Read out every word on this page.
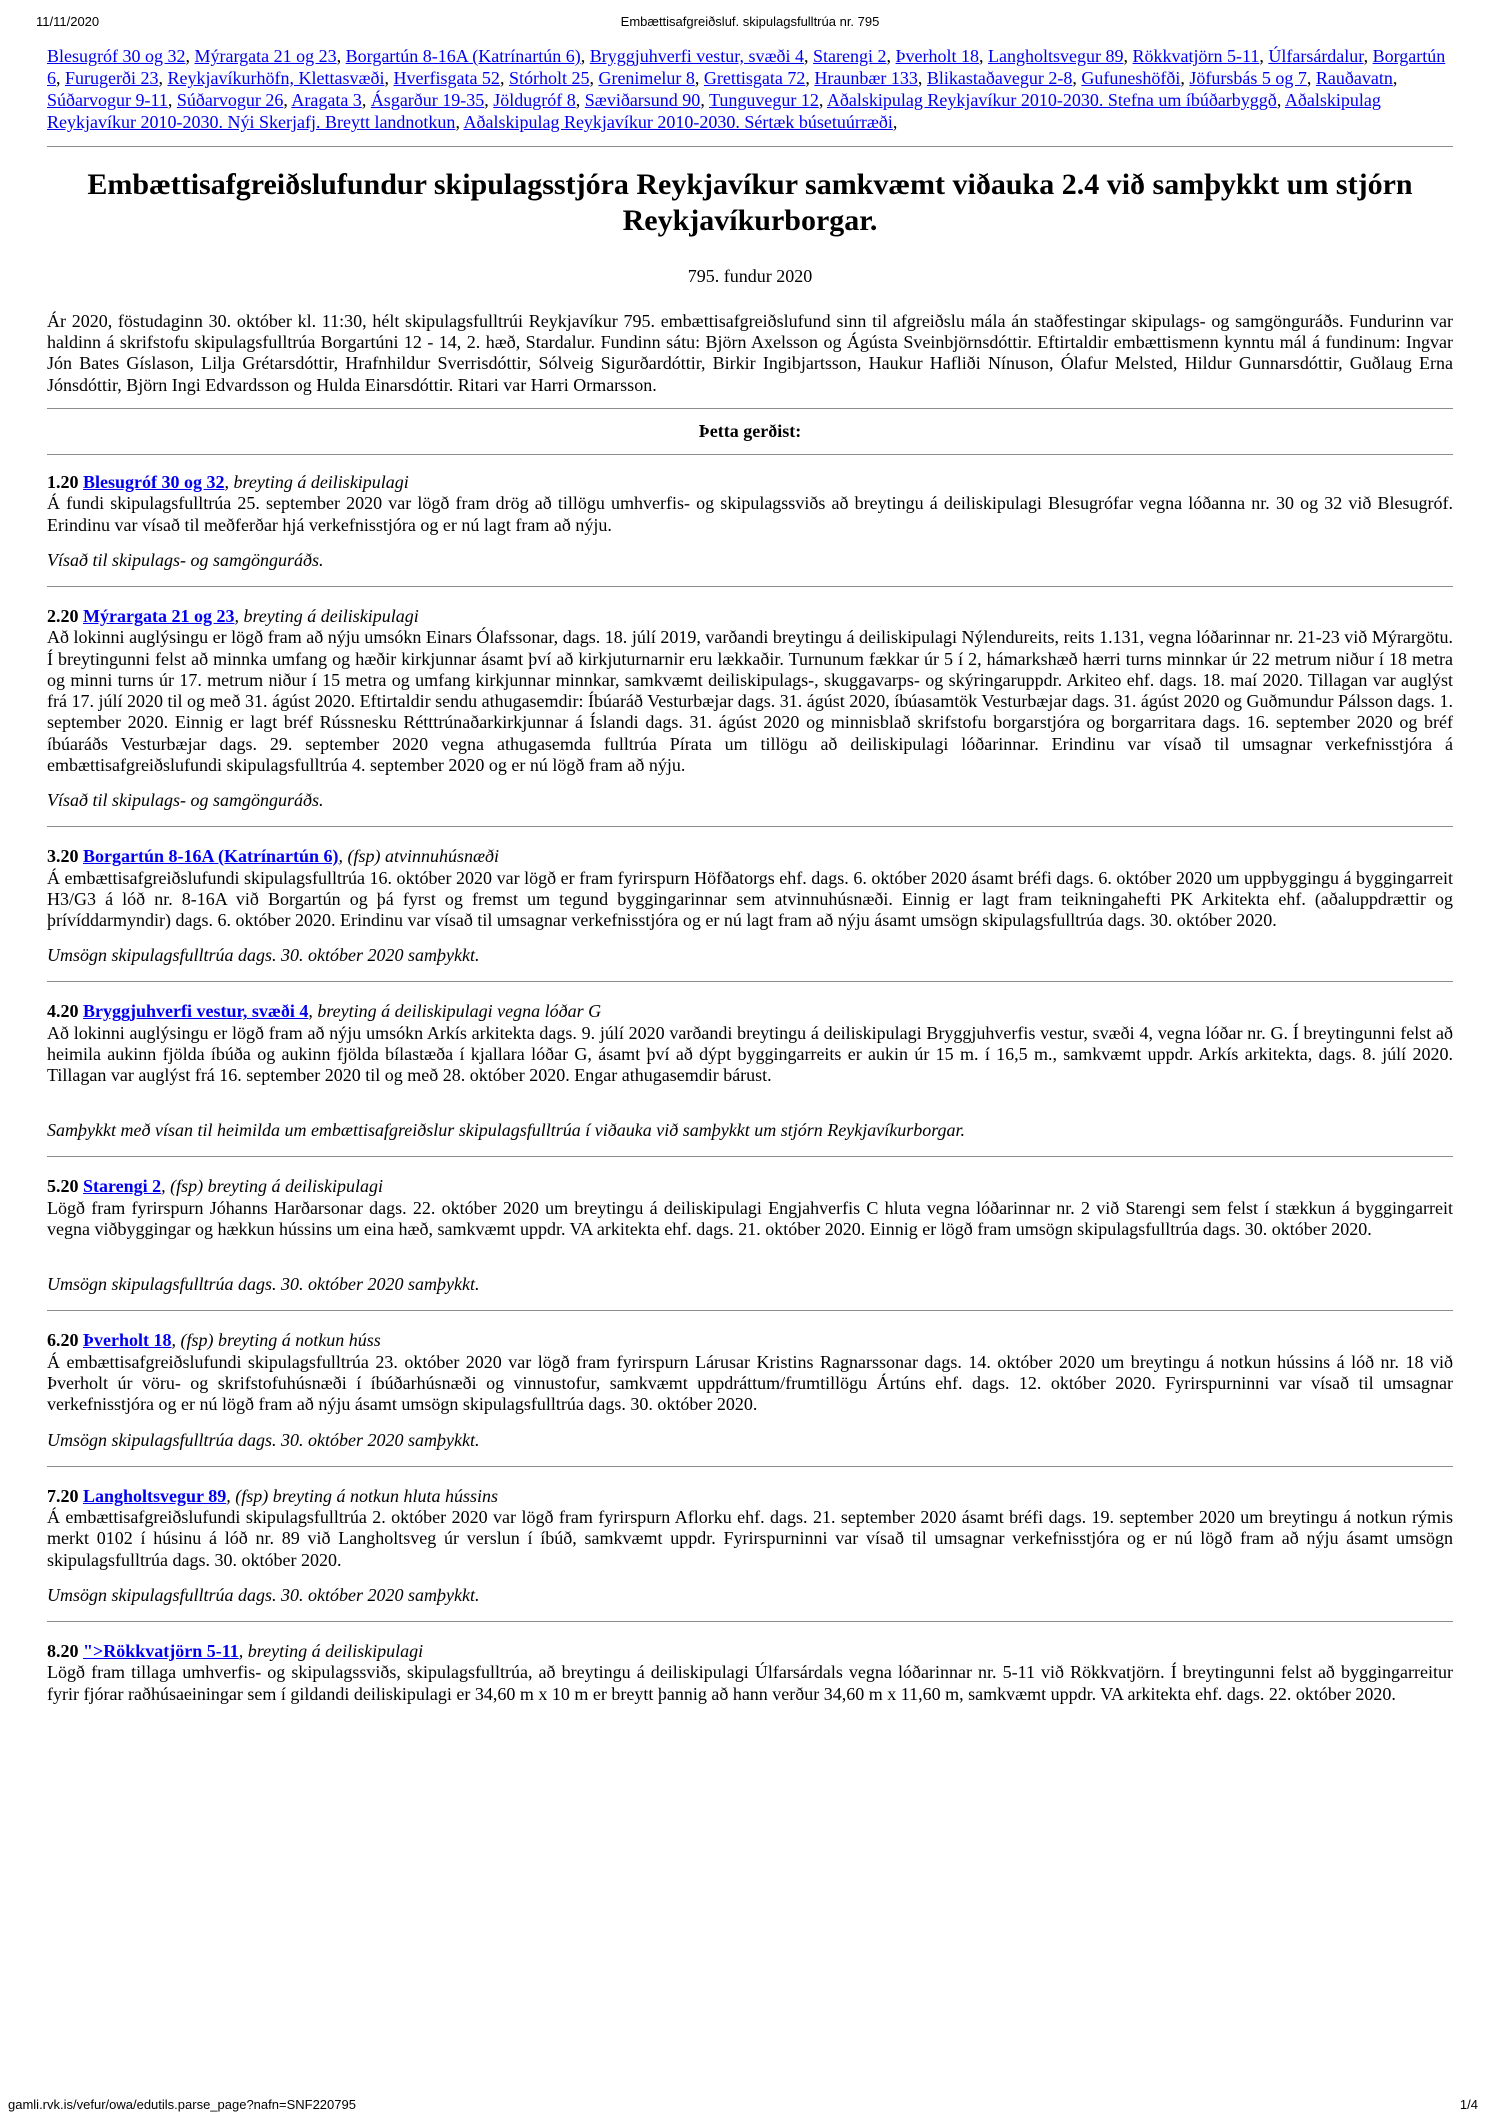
11/11/2020	Embættisafgreiðsluf. skipulagsfulltrúa nr. 795

Blesugróf 30 og 32, Mýrargata 21 og 23, Borgartún 8-16A (Katrínartún 6), Bryggjuhverfi vestur, svæði 4, Starengi 2, Þverholt 18, Langholtsvegur 89, Rökkvatjörn 5-11, Úlfarsárdalur, Borgartún 6, Furugerði 23, Reykjavíkurhöfn, Klettasvæði, Hverfisgata 52, Stórholt 25, Grenimelur 8, Grettisgata 72, Hraunbær 133, Blikastaðavegur 2-8, Gufuneshöfði, Jöfursbás 5 og 7, Rauðavatn, Súðarvogur 9-11, Súðarvogur 26, Aragata 3, Ásgarður 19-35, Jöldugróf 8, Sæviðarsund 90, Tunguvegur 12, Aðalskipulag Reykjavíkur 2010-2030. Stefna um íbúðarbyggð, Aðalskipulag Reykjavíkur 2010-2030. Nýi Skerjafj. Breytt landnotkun, Aðalskipulag Reykjavíkur 2010-2030. Sértæk búsetuúrræði,

Embættisafgreiðslufundur skipulagsstjóra Reykjavíkur samkvæmt viðauka 2.4 við samþykkt um stjórn Reykjavíkurborgar.

795. fundur 2020

Ár 2020, föstudaginn 30. október kl. 11:30, hélt skipulagsfulltrúi Reykjavíkur 795. embættisafgreiðslufund sinn til afgreiðslu mála án staðfestingar skipulags- og samgönguráðs. Fundurinn var haldinn á skrifstofu skipulagsfulltrúa Borgartúni 12 - 14, 2. hæð, Stardalur. Fundinn sátu: Björn Axelsson og Ágústa Sveinbjörnsdóttir. Eftirtaldir embættismenn kynntu mál á fundinum: Ingvar Jón Bates Gíslason, Lilja Grétarsdóttir, Hrafnhildur Sverrisdóttir, Sólveig Sigurðardóttir, Birkir Ingibjartsson, Haukur Hafliði Nínuson, Ólafur Melsted, Hildur Gunnarsdóttir, Guðlaug Erna Jónsdóttir, Björn Ingi Edvardsson og Hulda Einarsdóttir. Ritari var Harri Ormarsson.

Þetta gerðist:

1.20 Blesugróf 30 og 32, breyting á deiliskipulagi

Á fundi skipulagsfulltrúa 25. september 2020 var lögð fram drög að tillögu umhverfis- og skipulagssviðs að breytingu á deiliskipulagi Blesugrófar vegna lóðanna nr. 30 og 32 við Blesugróf. Erindinu var vísað til meðferðar hjá verkefnisstjóra og er nú lagt fram að nýju.

Vísað til skipulags- og samgönguráðs.

2.20 Mýrargata 21 og 23, breyting á deiliskipulagi

Að lokinni auglýsingu er lögð fram að nýju umsókn Einars Ólafssonar, dags. 18. júlí 2019, varðandi breytingu á deiliskipulagi Nýlendureits, reits 1.131, vegna lóðarinnar nr. 21-23 við Mýrargötu. Í breytingunni felst að minnka umfang og hæðir kirkjunnar ásamt því að kirkjuturnarnir eru lækkaðir. Turnunum fækkar úr 5 í 2, hámarkshæð hærri turns minnkar úr 22 metrum niður í 18 metra og minni turns úr 17. metrum niður í 15 metra og umfang kirkjunnar minnkar, samkvæmt deiliskipulags-, skuggavarps- og skýringaruppdr. Arkiteo ehf. dags. 18. maí 2020. Tillagan var auglýst frá 17. júlí 2020 til og með 31. ágúst 2020. Eftirtaldir sendu athugasemdir: Íbúaráð Vesturbæjar dags. 31. ágúst 2020, íbúasamtök Vesturbæjar dags. 31. ágúst 2020 og Guðmundur Pálsson dags. 1. september 2020. Einnig er lagt bréf Rússnesku Rétttrúnaðarkirkjunnar á Íslandi dags. 31. ágúst 2020 og minnisblað skrifstofu borgarstjóra og borgarritara dags. 16. september 2020 og bréf íbúaráðs Vesturbæjar dags. 29. september 2020 vegna athugasemda fulltrúa Pírata um tillögu að deiliskipulagi lóðarinnar. Erindinu var vísað til umsagnar verkefnisstjóra á embættisafgreiðslufundi skipulagsfulltrúa 4. september 2020 og er nú lögð fram að nýju.

Vísað til skipulags- og samgönguráðs.

3.20 Borgartún 8-16A (Katrínartún 6), (fsp) atvinnuhúsnæði

Á embættisafgreiðslufundi skipulagsfulltrúa 16. október 2020 var lögð er fram fyrirspurn Höfðatorgs ehf. dags. 6. október 2020 ásamt bréfi dags. 6. október 2020 um uppbyggingu á byggingarreit H3/G3 á lóð nr. 8-16A við Borgartún og þá fyrst og fremst um tegund byggingarinnar sem atvinnuhúsnæði. Einnig er lagt fram teikningahefti PK Arkitekta ehf. (aðaluppdrættir og þrívíddarmyndir) dags. 6. október 2020. Erindinu var vísað til umsagnar verkefnisstjóra og er nú lagt fram að nýju ásamt umsögn skipulagsfulltrúa dags. 30. október 2020.

Umsögn skipulagsfulltrúa dags. 30. október 2020 samþykkt.

4.20 Bryggjuhverfi vestur, svæði 4, breyting á deiliskipulagi vegna lóðar G

Að lokinni auglýsingu er lögð fram að nýju umsókn Arkís arkitekta dags. 9. júlí 2020 varðandi breytingu á deiliskipulagi Bryggjuhverfis vestur, svæði 4, vegna lóðar nr. G. Í breytingunni felst að heimila aukinn fjölda íbúða og aukinn fjölda bílastæða í kjallara lóðar G, ásamt því að dýpt byggingarreits er aukin úr 15 m. í 16,5 m., samkvæmt uppdr. Arkís arkitekta, dags. 8. júlí 2020. Tillagan var auglýst frá 16. september 2020 til og með 28. október 2020. Engar athugasemdir bárust.

Samþykkt með vísan til heimilda um embættisafgreiðslur skipulagsfulltrúa í viðauka við samþykkt um stjórn Reykjavíkurborgar.

5.20 Starengi 2, (fsp) breyting á deiliskipulagi

Lögð fram fyrirspurn Jóhanns Harðarsonar dags. 22. október 2020 um breytingu á deiliskipulagi Engjahverfis C hluta vegna lóðarinnar nr. 2 við Starengi sem felst í stækkun á byggingarreit vegna viðbyggingar og hækkun hússins um eina hæð, samkvæmt uppdr. VA arkitekta ehf. dags. 21. október 2020. Einnig er lögð fram umsögn skipulagsfulltrúa dags. 30. október 2020.

Umsögn skipulagsfulltrúa dags. 30. október 2020 samþykkt.

6.20 Þverholt 18, (fsp) breyting á notkun húss

Á embættisafgreiðslufundi skipulagsfulltrúa 23. október 2020 var lögð fram fyrirspurn Lárusar Kristins Ragnarssonar dags. 14. október 2020 um breytingu á notkun hússins á lóð nr. 18 við Þverholt úr vöru- og skrifstofuhúsnæði í íbúðarhúsnæði og vinnustofur, samkvæmt uppdráttum/frumtillögu Ártúns ehf. dags. 12. október 2020. Fyrirspurninni var vísað til umsagnar verkefnisstjóra og er nú lögð fram að nýju ásamt umsögn skipulagsfulltrúa dags. 30. október 2020.

Umsögn skipulagsfulltrúa dags. 30. október 2020 samþykkt.

7.20 Langholtsvegur 89, (fsp) breyting á notkun hluta hússins

Á embættisafgreiðslufundi skipulagsfulltrúa 2. október 2020 var lögð fram fyrirspurn Aflorku ehf. dags. 21. september 2020 ásamt bréfi dags. 19. september 2020 um breytingu á notkun rýmis merkt 0102 í húsinu á lóð nr. 89 við Langholtsveg úr verslun í íbúð, samkvæmt uppdr. Fyrirspurninni var vísað til umsagnar verkefnisstjóra og er nú lögð fram að nýju ásamt umsögn skipulagsfulltrúa dags. 30. október 2020.

Umsögn skipulagsfulltrúa dags. 30. október 2020 samþykkt.

8.20 ">Rökkvatjörn 5-11, breyting á deiliskipulagi

Lögð fram tillaga umhverfis- og skipulagssviðs, skipulagsfulltrúa, að breytingu á deiliskipulagi Úlfarsárdals vegna lóðarinnar nr. 5-11 við Rökkvatjörn. Í breytingunni felst að byggingarreitur fyrir fjórar raðhúsaeiningar sem í gildandi deiliskipulagi er 34,60 m x 10 m er breytt þannig að hann verður 34,60 m x 11,60 m, samkvæmt uppdr. VA arkitekta ehf. dags. 22. október 2020.

gamli.rvk.is/vefur/owa/edutils.parse_page?nafn=SNF220795	1/4
